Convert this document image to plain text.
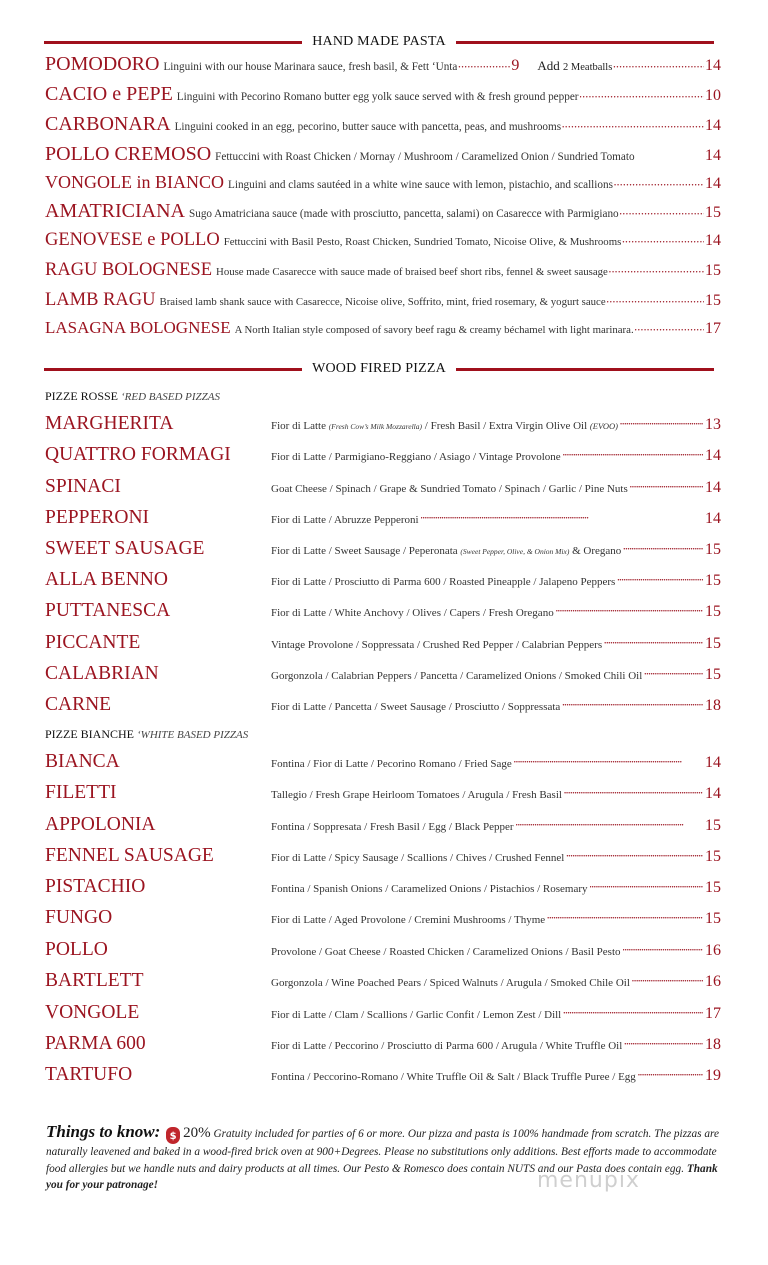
HAND MADE PASTA
POMODORO Linguini with our house Marinara sauce, fresh basil, & Fett ‘Unta •••••	9 Add 2 Meatballs •••••	14
CACIO e PEPE Linguini with Pecorino Romano butter egg yolk sauce served with & fresh ground pepper •••••	10
CARBONARA Linguini cooked in an egg, pecorino, butter sauce with pancetta, peas, and mushrooms •••••	14
POLLO CREMOSO Fettuccini with Roast Chicken / Mornay / Mushroom / Caramelized Onion / Sundried Tomato	14
VONGOLE in BIANCO Linguini and clams sautéed in a white wine sauce with lemon, pistachio, and scallions •••••	14
AMATRICIANA Sugo Amatriciana sauce (made with prosciutto, pancetta, salami) on Casarecce with Parmigiano •••••	15
GENOVESE e POLLO Fettuccini with Basil Pesto, Roast Chicken, Sundried Tomato, Nicoise Olive, & Mushrooms •••••	14
RAGU BOLOGNESE House made Casarecce with sauce made of braised beef short ribs, fennel & sweet sausage •••••	15
LAMB RAGU Braised lamb shank sauce with Casarecce, Nicoise olive, Soffrito, mint, fried rosemary, & yogurt sauce •••••	15
LASAGNA BOLOGNESE A North Italian style composed of savory beef ragu & creamy béchamel with light marinara. •••••	17
WOOD FIRED PIZZA
PIZZE ROSSE ‘RED BASED PIZZAS
MARGHERITA	Fior di Latte (Fresh Cow’s Milk Mozzarella) / Fresh Basil / Extra Virgin Olive Oil (EVOO) •••••	13
QUATTRO FORMAGI	Fior di Latte / Parmigiano-Reggiano / Asiago / Vintage Provolone •••••	14
SPINACI	Goat Cheese / Spinach / Grape & Sundried Tomato / Spinach / Garlic / Pine Nuts •••••	14
PEPPERONI	Fior di Latte / Abruzze Pepperoni •••••	14
SWEET SAUSAGE	Fior di Latte / Sweet Sausage / Peperonata (Sweet Pepper, Olive, & Onion Mix) & Oregano •••••	15
ALLA BENNO	Fior di Latte / Prosciutto di Parma 600 / Roasted Pineapple / Jalapeno Peppers •••••	15
PUTTANESCA	Fior di Latte / White Anchovy / Olives / Capers / Fresh Oregano •••••	15
PICCANTE	Vintage Provolone / Soppressata / Crushed Red Pepper / Calabrian Peppers •••••	15
CALABRIAN	Gorgonzola / Calabrian Peppers / Pancetta / Caramelized Onions / Smoked Chili Oil •••••	15
CARNE	Fior di Latte / Pancetta / Sweet Sausage / Prosciutto / Soppressata •••••	18
PIZZE BIANCHE ‘WHITE BASED PIZZAS
BIANCA	Fontina / Fior di Latte / Pecorino Romano / Fried Sage •••••	14
FILETTI	Tallegio / Fresh Grape Heirloom Tomatoes / Arugula / Fresh Basil •••••	14
APPOLONIA	Fontina / Soppresata / Fresh Basil / Egg / Black Pepper •••••	15
FENNEL SAUSAGE	Fior di Latte / Spicy Sausage / Scallions / Chives / Crushed Fennel •••••	15
PISTACHIO	Fontina / Spanish Onions / Caramelized Onions / Pistachios / Rosemary •••••	15
FUNGO	Fior di Latte / Aged Provolone / Cremini Mushrooms / Thyme •••••	15
POLLO	Provolone / Goat Cheese / Roasted Chicken / Caramelized Onions / Basil Pesto •••••	16
BARTLETT	Gorgonzola / Wine Poached Pears / Spiced Walnuts / Arugula / Smoked Chile Oil •••••	16
VONGOLE	Fior di Latte / Clam / Scallions / Garlic Confit / Lemon Zest / Dill •••••	17
PARMA 600	Fior di Latte / Peccorino / Prosciutto di Parma 600 / Arugula / White Truffle Oil •••••	18
TARTUFO	Fontina / Peccorino-Romano / White Truffle Oil & Salt / Black Truffle Puree / Egg •••••	19
Things to know: $ 20% Gratuity included for parties of 6 or more. Our pizza and pasta is 100% handmade from scratch. The pizzas are naturally leavened and baked in a wood-fired brick oven at 900+Degrees. Please no substitutions only additions. Best efforts made to accommodate food allergies but we handle nuts and dairy products at all times. Our Pesto & Romesco does contain NUTS and our Pasta does contain egg. Thank you for your patronage!	menupix
